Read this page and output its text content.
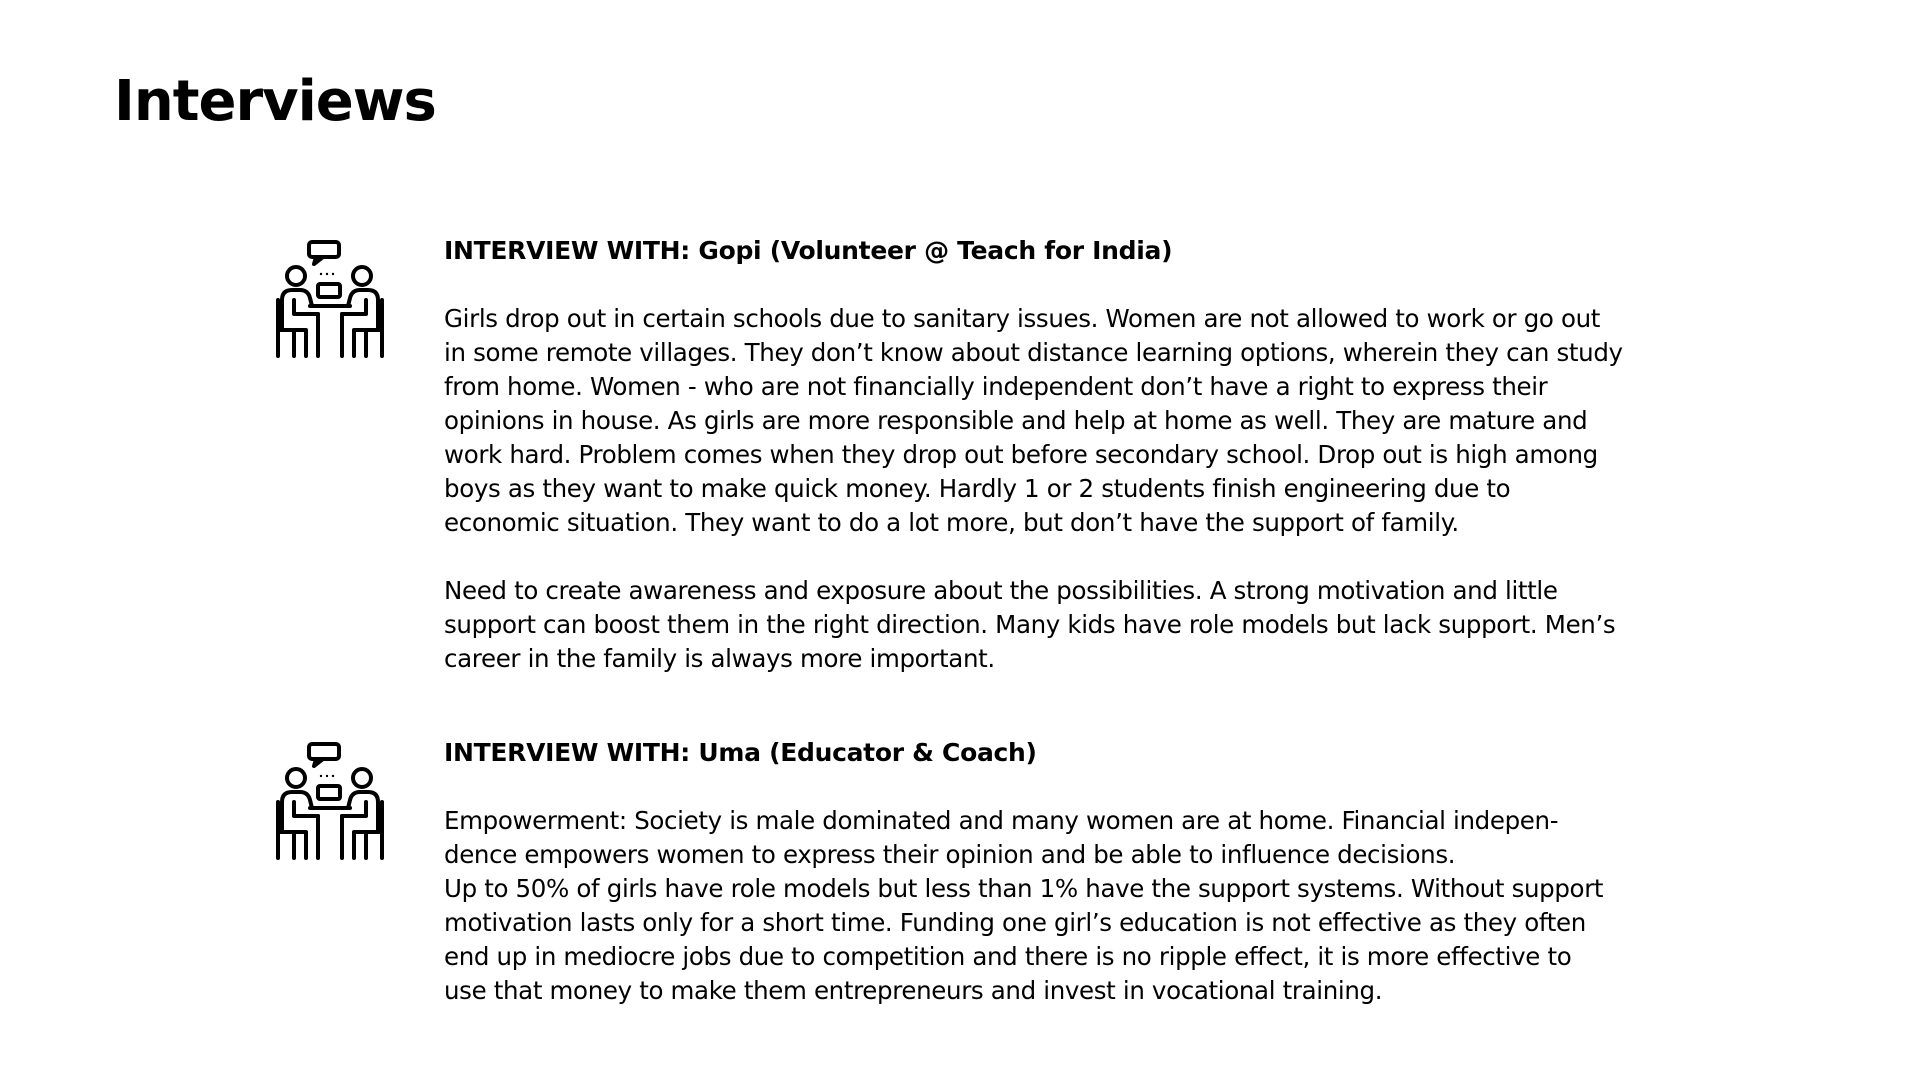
Interviews
INTERVIEW WITH: Gopi (Volunteer @ Teach for India)

Girls drop out in certain schools due to sanitary issues. Women are not allowed to work or go out
in some remote villages. They don’t know about distance learning options, wherein they can study
from home. Women - who are not financially independent don’t have a right to express their
opinions in house. As girls are more responsible and help at home as well. They are mature and
work hard. Problem comes when they drop out before secondary school. Drop out is high among
boys as they want to make quick money. Hardly 1 or 2 students finish engineering due to
economic situation. They want to do a lot more, but don’t have the support of family.

Need to create awareness and exposure about the possibilities. A strong motivation and little
support can boost them in the right direction. Many kids have role models but lack support. Men’s
career in the family is always more important.

INTERVIEW WITH: Uma (Educator & Coach)

Empowerment: Society is male dominated and many women are at home. Financial indepen-
dence empowers women to express their opinion and be able to influence decisions.
Up to 50% of girls have role models but less than 1% have the support systems. Without support
motivation lasts only for a short time. Funding one girl’s education is not effective as they often
end up in mediocre jobs due to competition and there is no ripple effect, it is more effective to
use that money to make them entrepreneurs and invest in vocational training.
